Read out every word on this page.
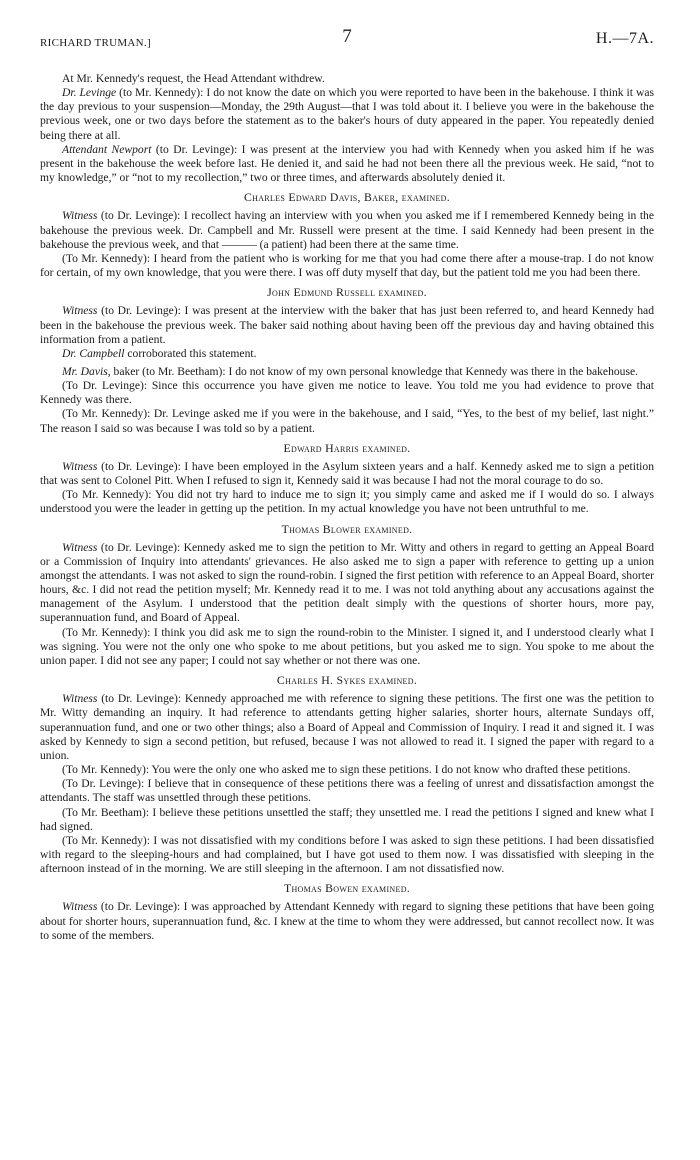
RICHARD TRUMAN.]	7	H.—7A.

At Mr. Kennedy's request, the Head Attendant withdrew.

Dr. Levinge (to Mr. Kennedy): I do not know the date on which you were reported to have been in the bakehouse. I think it was the day previous to your suspension—Monday, the 29th August—that I was told about it. I believe you were in the bakehouse the previous week, one or two days before the statement as to the baker's hours of duty appeared in the paper. You repeatedly denied being there at all.

Attendant Newport (to Dr. Levinge): I was present at the interview you had with Kennedy when you asked him if he was present in the bakehouse the week before last. He denied it, and said he had not been there all the previous week. He said, “not to my knowledge,” or “not to my recollection,” two or three times, and afterwards absolutely denied it.

Charles Edward Davis, Baker, examined.

Witness (to Dr. Levinge): I recollect having an interview with you when you asked me if I remembered Kennedy being in the bakehouse the previous week. Dr. Campbell and Mr. Russell were present at the time. I said Kennedy had been present in the bakehouse the previous week, and that ——— (a patient) had been there at the same time.

(To Mr. Kennedy): I heard from the patient who is working for me that you had come there after a mouse-trap. I do not know for certain, of my own knowledge, that you were there. I was off duty myself that day, but the patient told me you had been there.

John Edmund Russell examined.

Witness (to Dr. Levinge): I was present at the interview with the baker that has just been referred to, and heard Kennedy had been in the bakehouse the previous week. The baker said nothing about having been off the previous day and having obtained this information from a patient.

Dr. Campbell corroborated this statement.

Mr. Davis, baker (to Mr. Beetham): I do not know of my own personal knowledge that Kennedy was there in the bakehouse.

(To Dr. Levinge): Since this occurrence you have given me notice to leave. You told me you had evidence to prove that Kennedy was there.

(To Mr. Kennedy): Dr. Levinge asked me if you were in the bakehouse, and I said, “Yes, to the best of my belief, last night.” The reason I said so was because I was told so by a patient.

Edward Harris examined.

Witness (to Dr. Levinge): I have been employed in the Asylum sixteen years and a half. Kennedy asked me to sign a petition that was sent to Colonel Pitt. When I refused to sign it, Kennedy said it was because I had not the moral courage to do so.

(To Mr. Kennedy): You did not try hard to induce me to sign it; you simply came and asked me if I would do so. I always understood you were the leader in getting up the petition. In my actual knowledge you have not been untruthful to me.

Thomas Blower examined.

Witness (to Dr. Levinge): Kennedy asked me to sign the petition to Mr. Witty and others in regard to getting an Appeal Board or a Commission of Inquiry into attendants' grievances. He also asked me to sign a paper with reference to getting up a union amongst the attendants. I was not asked to sign the round-robin. I signed the first petition with reference to an Appeal Board, shorter hours, &c. I did not read the petition myself; Mr. Kennedy read it to me. I was not told anything about any accusations against the management of the Asylum. I understood that the petition dealt simply with the questions of shorter hours, more pay, superannuation fund, and Board of Appeal.

(To Mr. Kennedy): I think you did ask me to sign the round-robin to the Minister. I signed it, and I understood clearly what I was signing. You were not the only one who spoke to me about petitions, but you asked me to sign. You spoke to me about the union paper. I did not see any paper; I could not say whether or not there was one.

Charles H. Sykes examined.

Witness (to Dr. Levinge): Kennedy approached me with reference to signing these petitions. The first one was the petition to Mr. Witty demanding an inquiry. It had reference to attendants getting higher salaries, shorter hours, alternate Sundays off, superannuation fund, and one or two other things; also a Board of Appeal and Commission of Inquiry. I read it and signed it. I was asked by Kennedy to sign a second petition, but refused, because I was not allowed to read it. I signed the paper with regard to a union.

(To Mr. Kennedy): You were the only one who asked me to sign these petitions. I do not know who drafted these petitions.

(To Dr. Levinge): I believe that in consequence of these petitions there was a feeling of unrest and dissatisfaction amongst the attendants. The staff was unsettled through these petitions.

(To Mr. Beetham): I believe these petitions unsettled the staff; they unsettled me. I read the petitions I signed and knew what I had signed.

(To Mr. Kennedy): I was not dissatisfied with my conditions before I was asked to sign these petitions. I had been dissatisfied with regard to the sleeping-hours and had complained, but I have got used to them now. I was dissatisfied with sleeping in the afternoon instead of in the morning. We are still sleeping in the afternoon. I am not dissatisfied now.

Thomas Bowen examined.

Witness (to Dr. Levinge): I was approached by Attendant Kennedy with regard to signing these petitions that have been going about for shorter hours, superannuation fund, &c. I knew at the time to whom they were addressed, but cannot recollect now. It was to some of the members.
